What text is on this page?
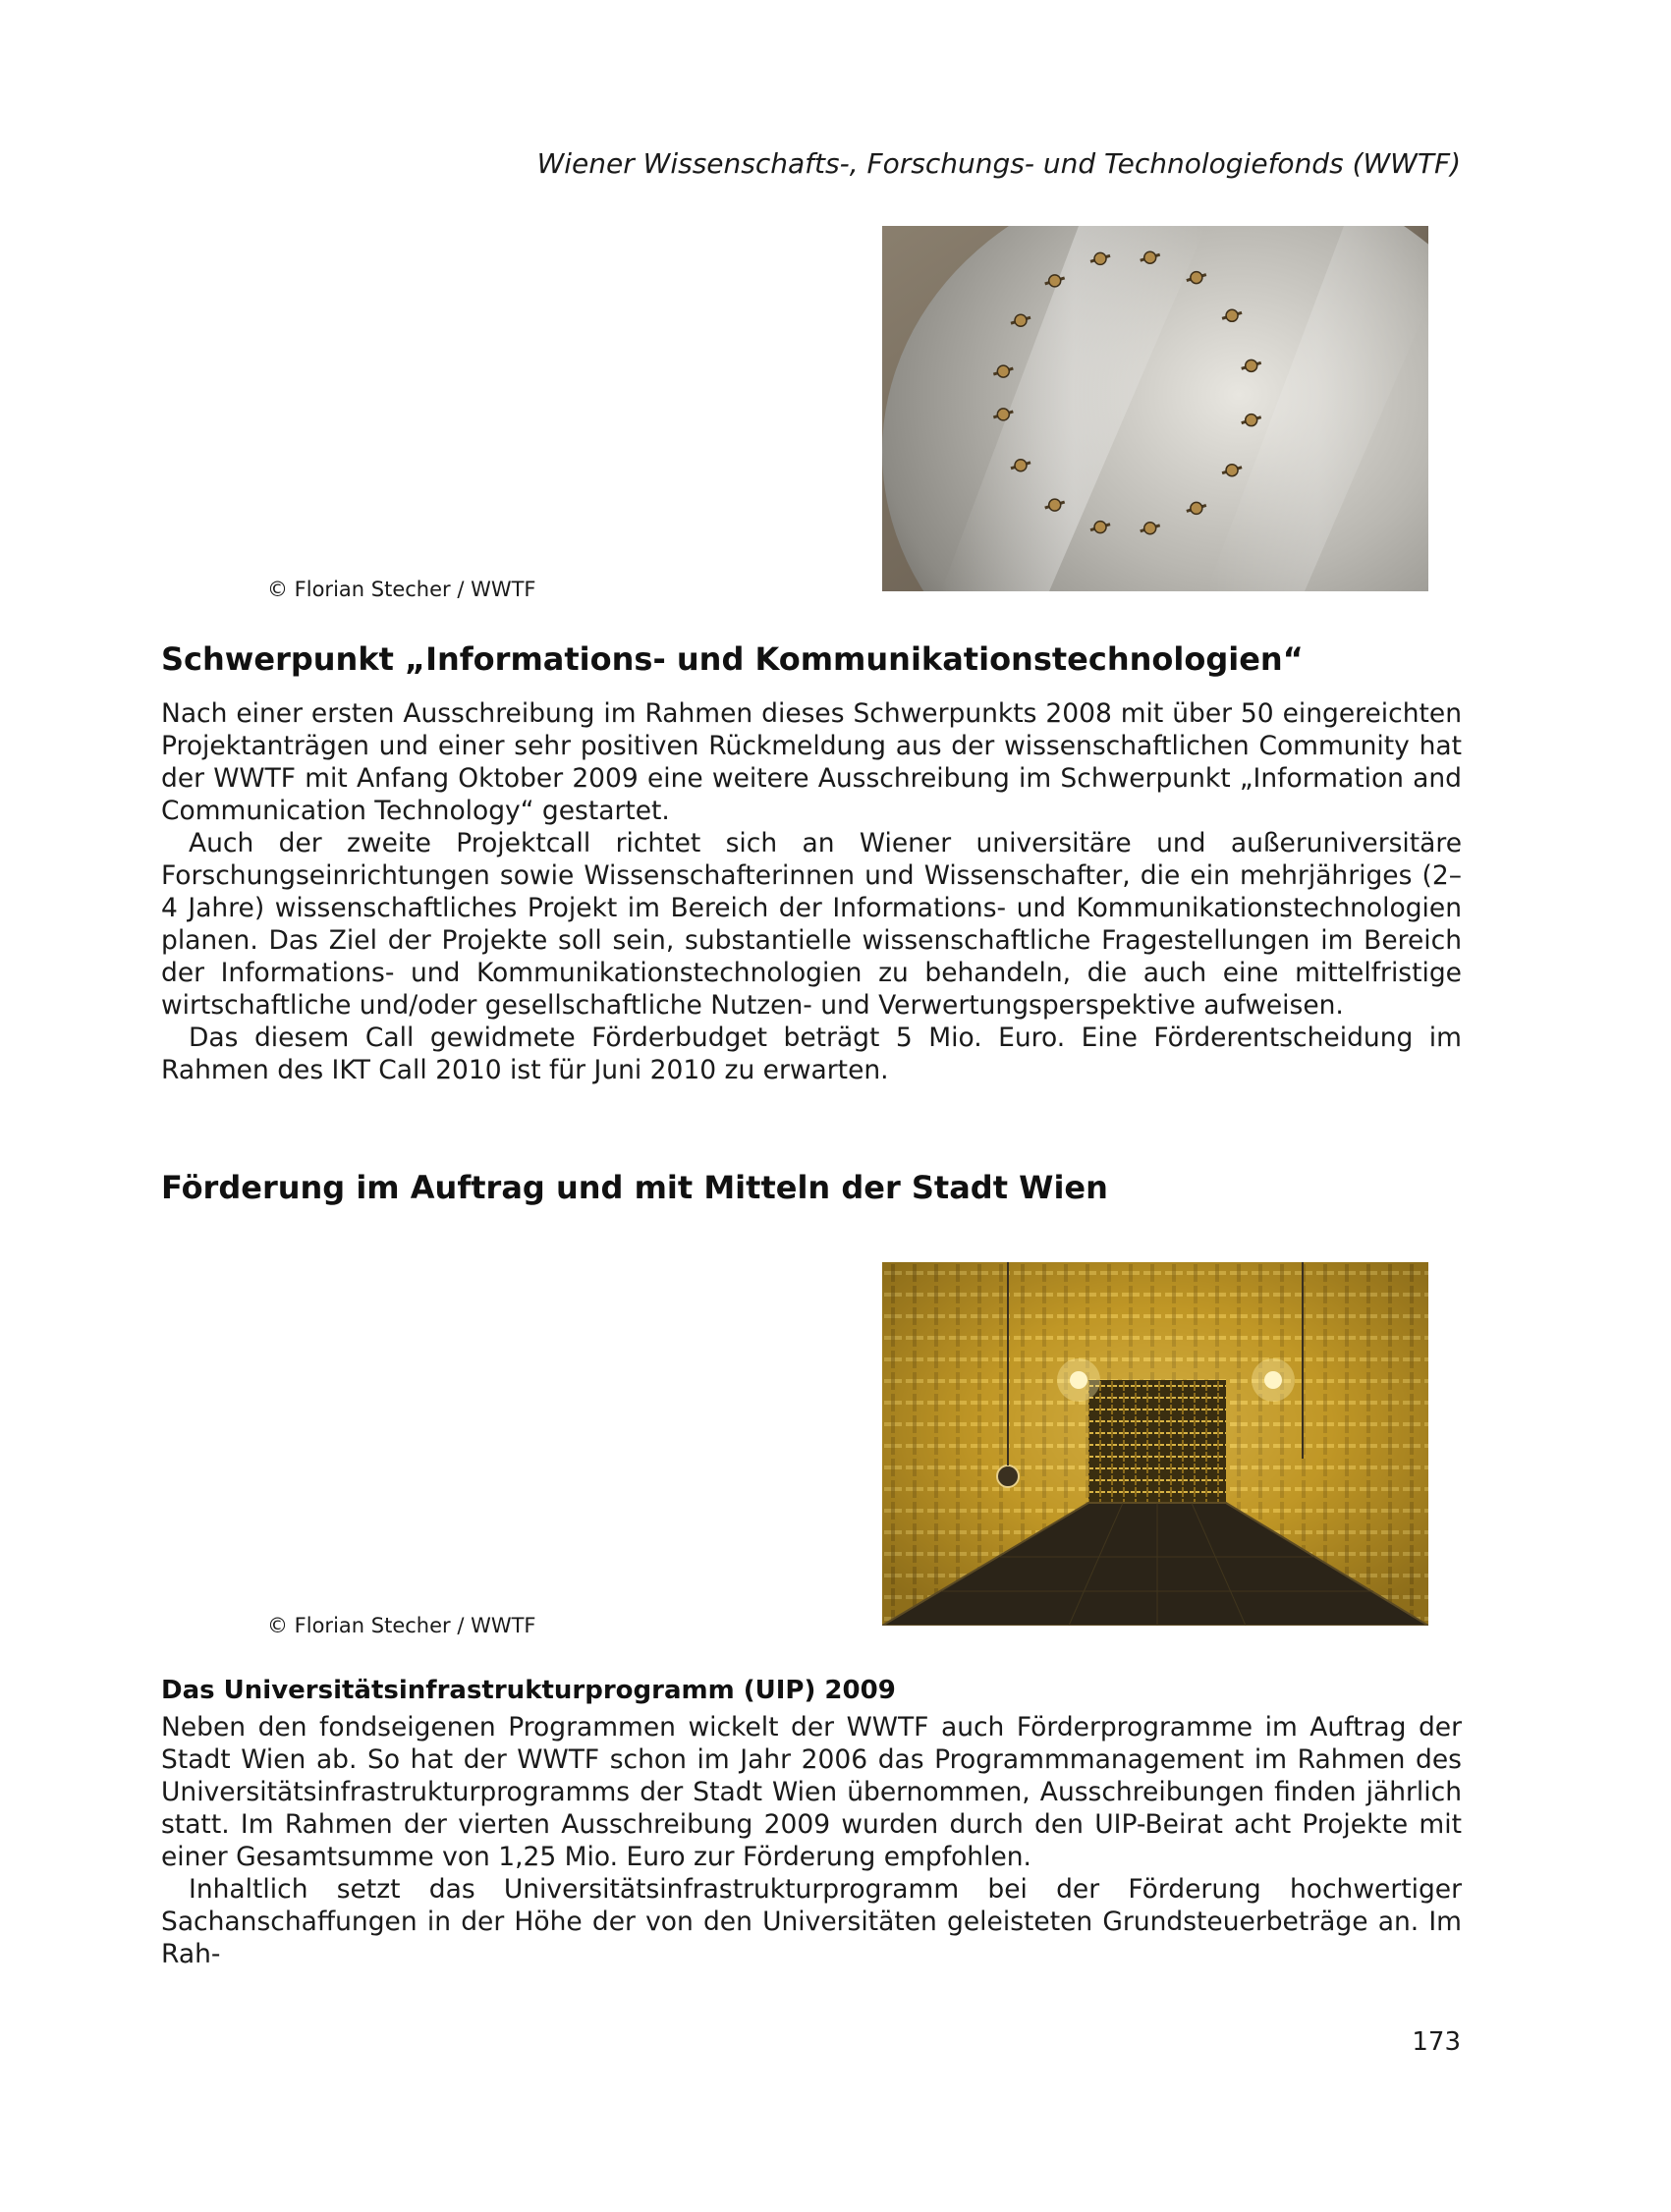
Wiener Wissenschafts-, Forschungs- und Technologiefonds (WWTF)
© Florian Stecher / WWTF
Schwerpunkt „Informations- und Kommunikationstechnologien“

Nach einer ersten Ausschreibung im Rahmen dieses Schwerpunkts 2008 mit über 50 eingereichten Projektanträgen und einer sehr positiven Rückmeldung aus der wissenschaftlichen Community hat der WWTF mit Anfang Oktober 2009 eine weitere Ausschreibung im Schwerpunkt „Information and Communication Technology“ gestartet.

Auch der zweite Projektcall richtet sich an Wiener universitäre und außeruniversitäre Forschungseinrichtungen sowie Wissenschafterinnen und Wissenschafter, die ein mehrjähriges (2–4 Jahre) wissenschaftliches Projekt im Bereich der Informations- und Kommunikationstechnologien planen. Das Ziel der Projekte soll sein, substantielle wissenschaftliche Fragestellungen im Bereich der Informations- und Kommunikationstechnologien zu behandeln, die auch eine mittelfristige wirtschaftliche und/oder gesellschaftliche Nutzen- und Verwertungsperspektive aufweisen.

Das diesem Call gewidmete Förderbudget beträgt 5 Mio. Euro. Eine Förderentscheidung im Rahmen des IKT Call 2010 ist für Juni 2010 zu erwarten.

Förderung im Auftrag und mit Mitteln der Stadt Wien
© Florian Stecher / WWTF
Das Universitätsinfrastrukturprogramm (UIP) 2009

Neben den fondseigenen Programmen wickelt der WWTF auch Förderprogramme im Auftrag der Stadt Wien ab. So hat der WWTF schon im Jahr 2006 das Programmmanagement im Rahmen des Universitätsinfrastrukturprogramms der Stadt Wien übernommen, Ausschreibungen finden jährlich statt. Im Rahmen der vierten Ausschreibung 2009 wurden durch den UIP-Beirat acht Projekte mit einer Gesamtsumme von 1,25 Mio. Euro zur Förderung empfohlen.

Inhaltlich setzt das Universitätsinfrastrukturprogramm bei der Förderung hochwertiger Sachanschaffungen in der Höhe der von den Universitäten geleisteten Grundsteuerbeträge an. Im Rah-

173
